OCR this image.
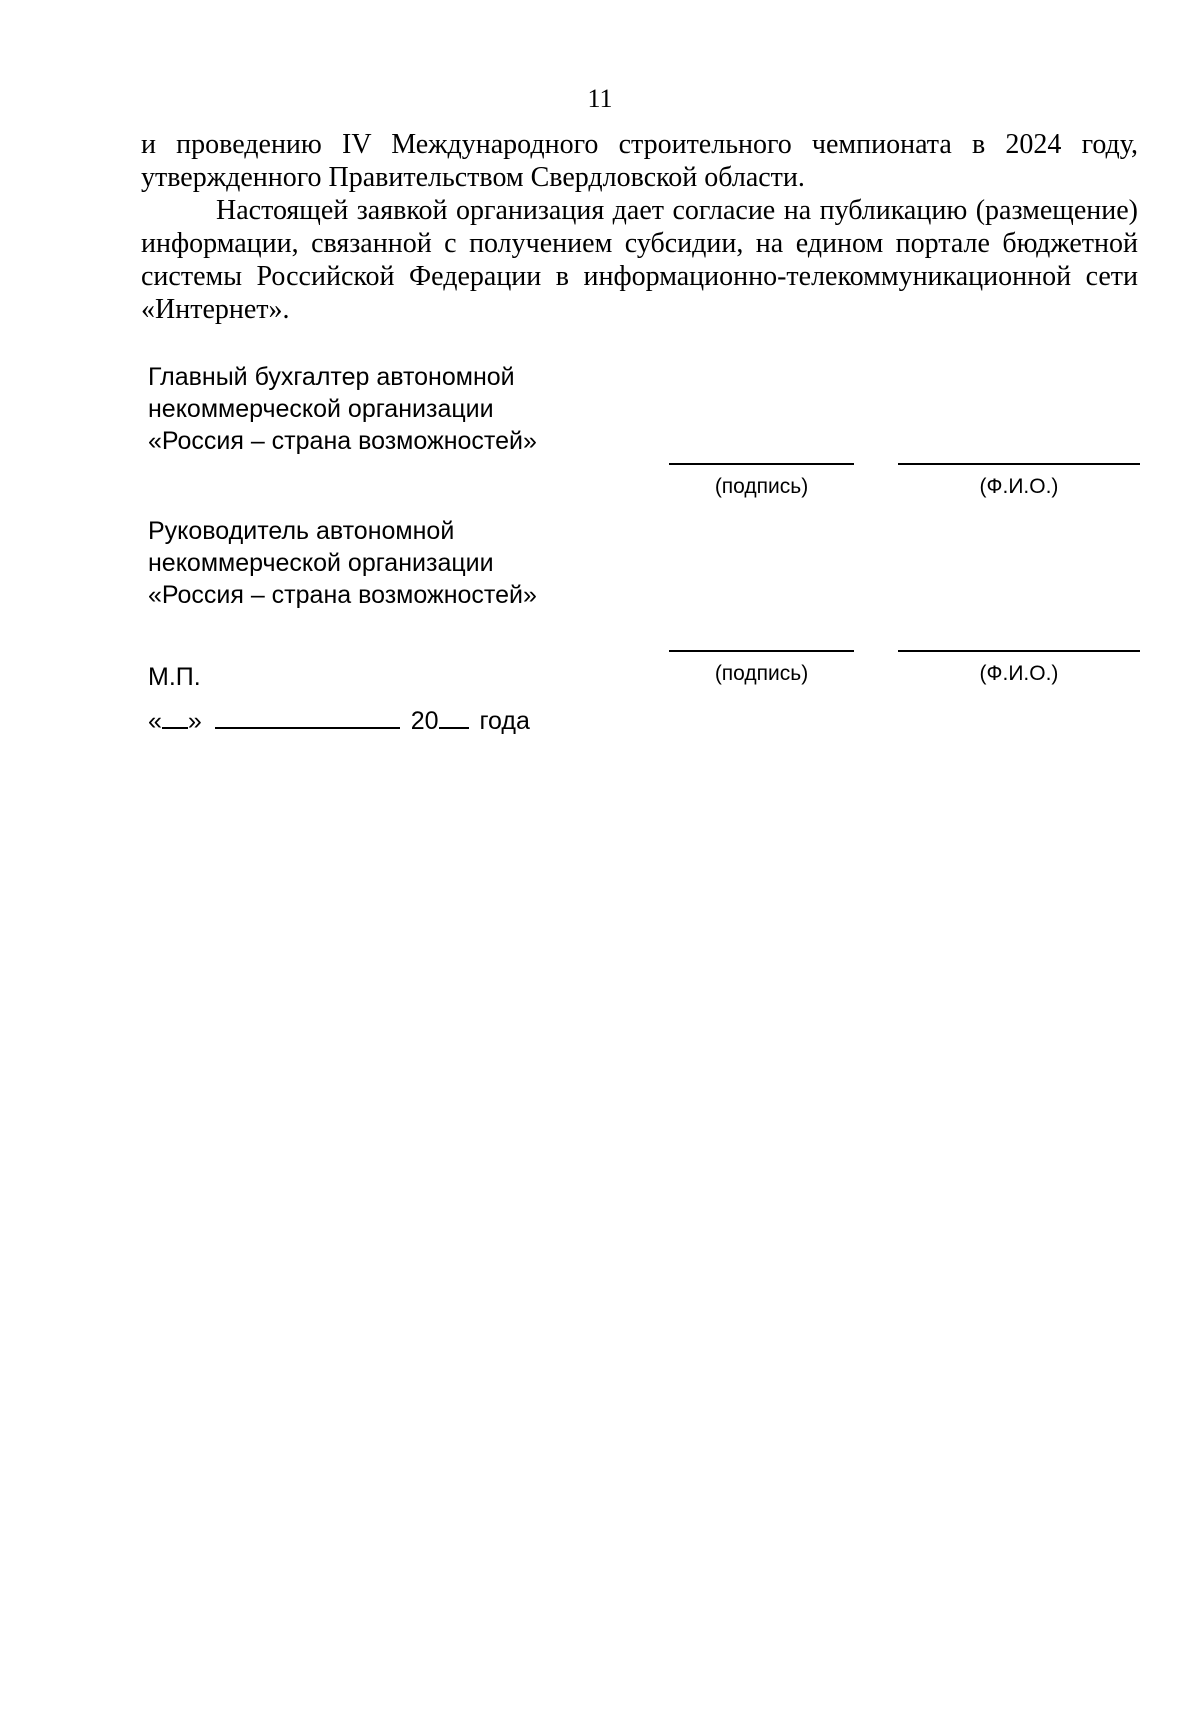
11

и проведению IV Международного строительного чемпионата в 2024 году, утвержденного Правительством Свердловской области.

Настоящей заявкой организация дает согласие на публикацию (размещение) информации, связанной с получением субсидии, на едином портале бюджетной системы Российской Федерации в информационно-телекоммуникационной сети «Интернет».

Главный бухгалтер автономной
некоммерческой организации
«Россия – страна возможностей»
(подпись)	(Ф.И.О.)
Руководитель автономной
некоммерческой организации
«Россия – страна возможностей»
(подпись)	(Ф.И.О.)
М.П.
« »	20 года
